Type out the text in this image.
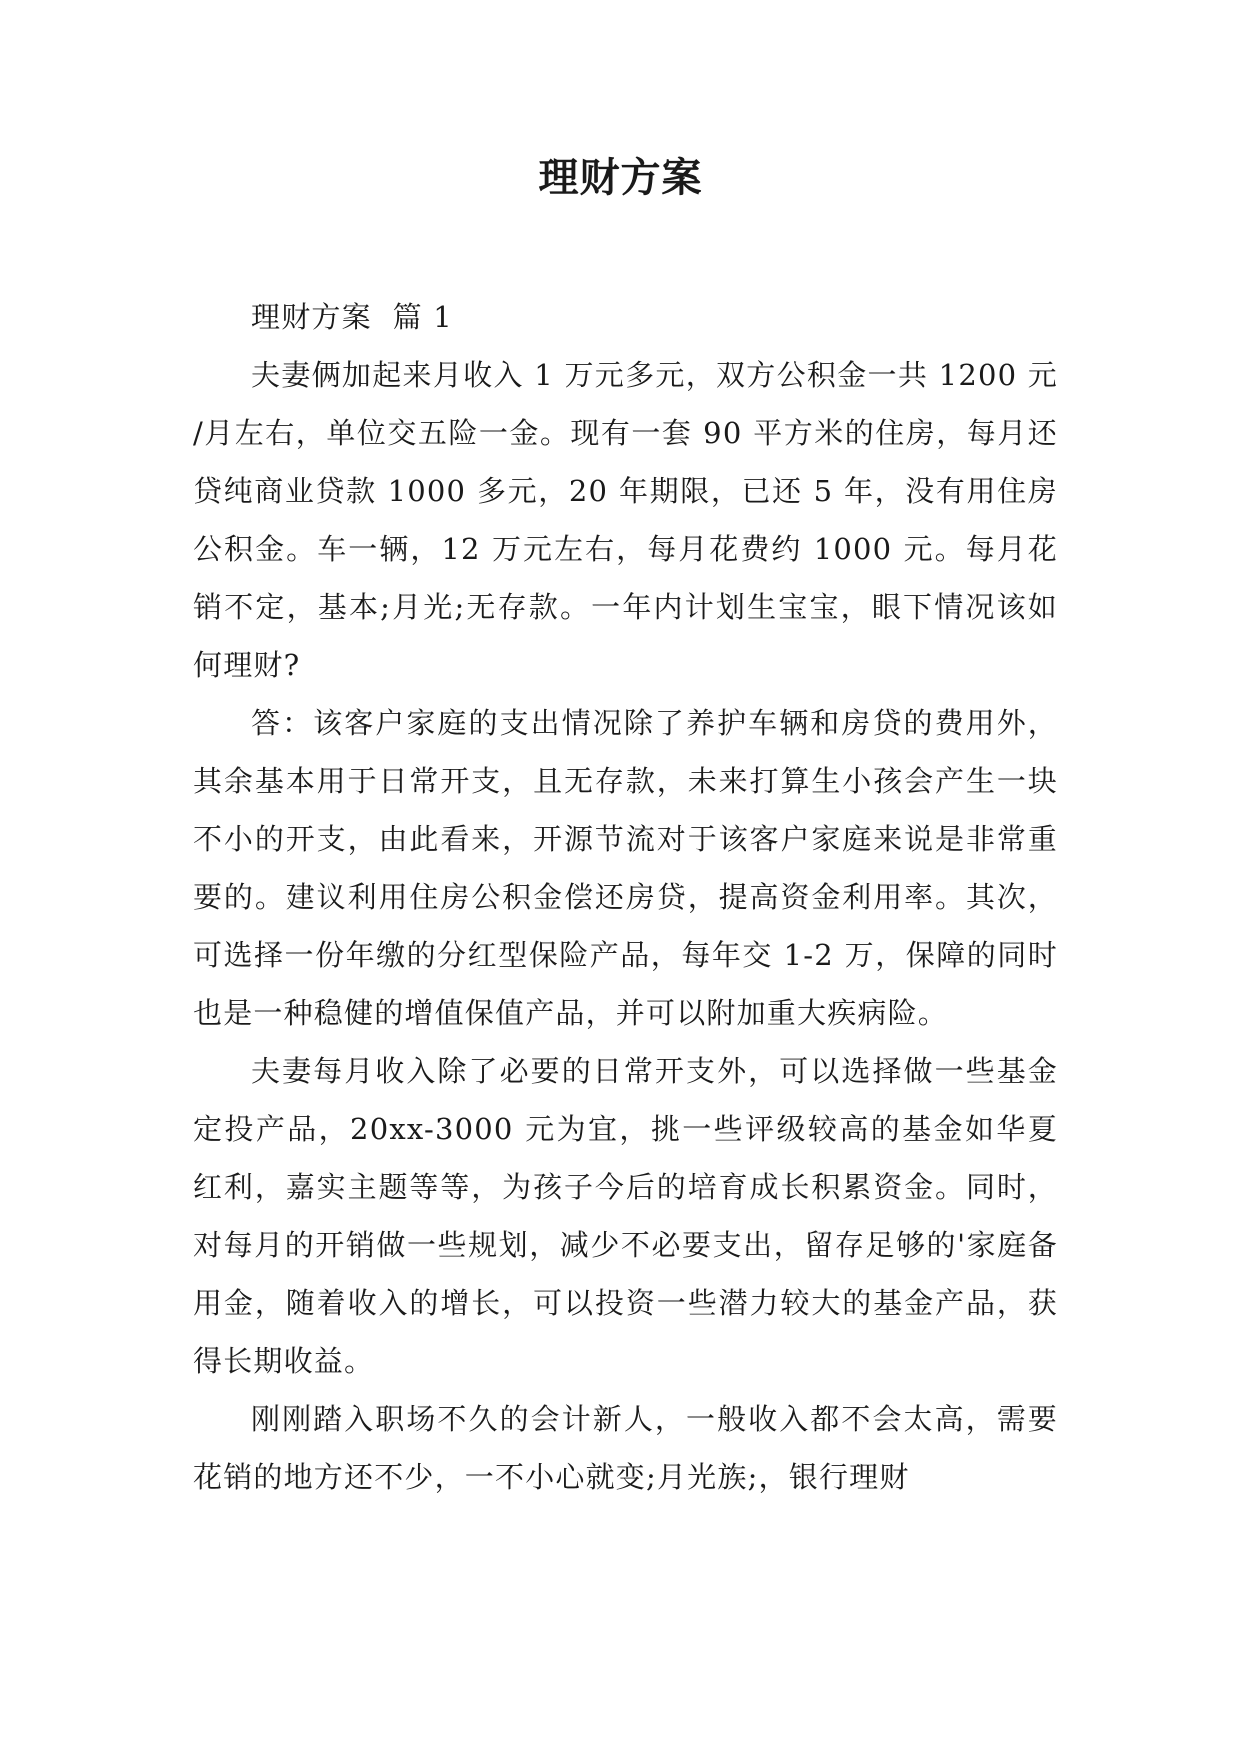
理财方案

理财方案  篇 1

夫妻俩加起来月收入 1 万元多元，双方公积金一共 1200 元/月左右，单位交五险一金。现有一套 90 平方米的住房，每月还贷纯商业贷款 1000 多元，20 年期限，已还 5 年，没有用住房公积金。车一辆，12 万元左右，每月花费约 1000 元。每月花销不定，基本;月光;无存款。一年内计划生宝宝，眼下情况该如何理财?

答：该客户家庭的支出情况除了养护车辆和房贷的费用外，其余基本用于日常开支，且无存款，未来打算生小孩会产生一块不小的开支，由此看来，开源节流对于该客户家庭来说是非常重要的。建议利用住房公积金偿还房贷，提高资金利用率。其次，可选择一份年缴的分红型保险产品，每年交 1-2 万，保障的同时也是一种稳健的增值保值产品，并可以附加重大疾病险。

夫妻每月收入除了必要的日常开支外，可以选择做一些基金定投产品，20xx-3000 元为宜，挑一些评级较高的基金如华夏红利，嘉实主题等等，为孩子今后的培育成长积累资金。同时，对每月的开销做一些规划，减少不必要支出，留存足够的'家庭备用金，随着收入的增长，可以投资一些潜力较大的基金产品，获得长期收益。

刚刚踏入职场不久的会计新人，一般收入都不会太高，需要花销的地方还不少，一不小心就变;月光族;，银行理财
